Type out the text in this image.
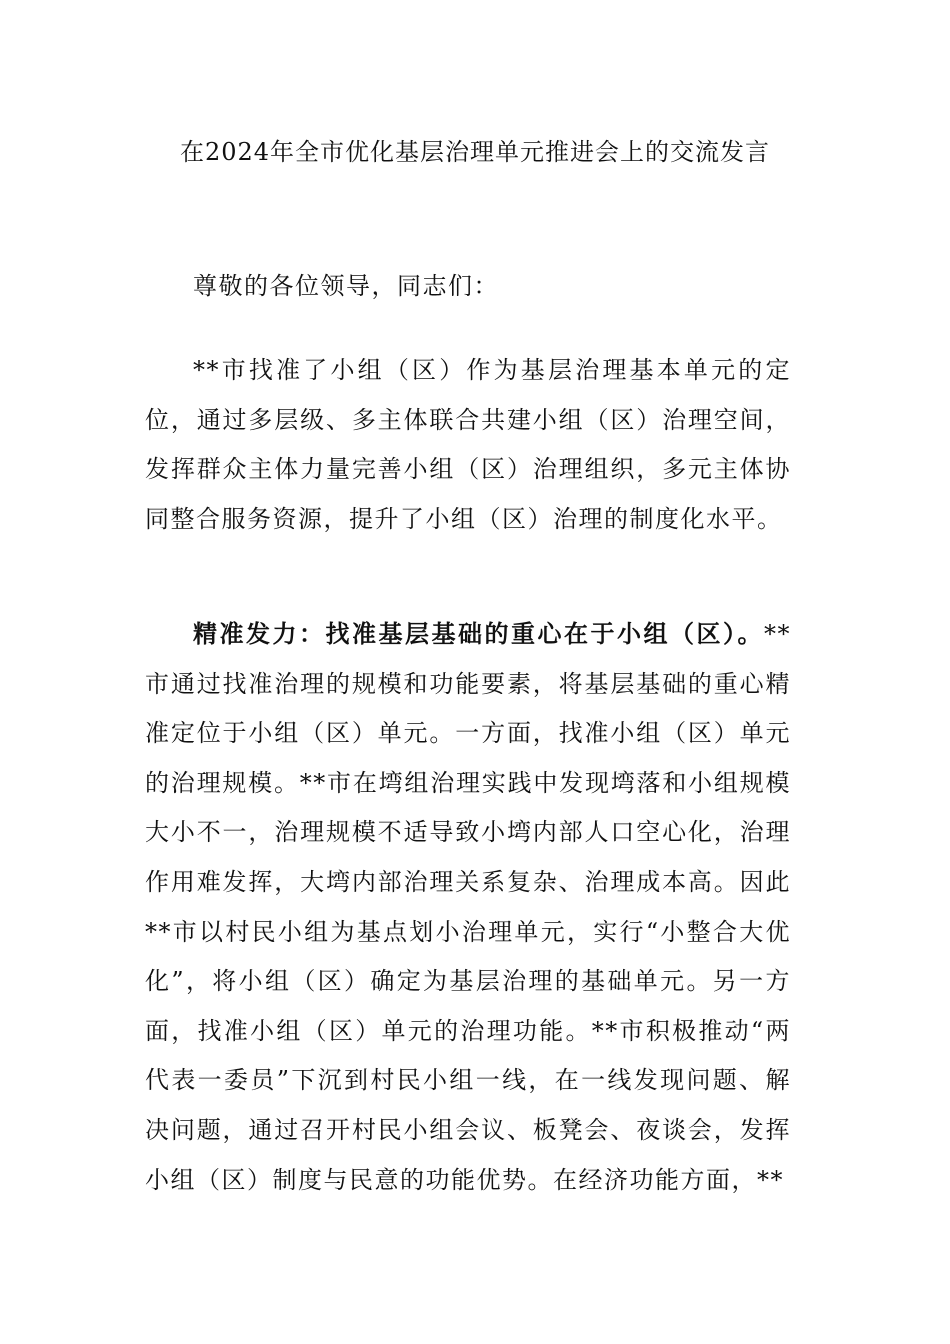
在2024年全市优化基层治理单元推进会上的交流发言

尊敬的各位领导，同志们：

**市找准了小组（区）作为基层治理基本单元的定位，通过多层级、多主体联合共建小组（区）治理空间，发挥群众主体力量完善小组（区）治理组织，多元主体协同整合服务资源，提升了小组（区）治理的制度化水平。

精准发力：找准基层基础的重心在于小组（区）。**市通过找准治理的规模和功能要素，将基层基础的重心精准定位于小组（区）单元。一方面，找准小组（区）单元的治理规模。**市在塆组治理实践中发现塆落和小组规模大小不一，治理规模不适导致小塆内部人口空心化，治理作用难发挥，大塆内部治理关系复杂、治理成本高。因此**市以村民小组为基点划小治理单元，实行“小整合大优化”，将小组（区）确定为基层治理的基础单元。另一方面，找准小组（区）单元的治理功能。**市积极推动“两代表一委员”下沉到村民小组一线，在一线发现问题、解决问题，通过召开村民小组会议、板凳会、夜谈会，发挥小组（区）制度与民意的功能优势。在经济功能方面，**
